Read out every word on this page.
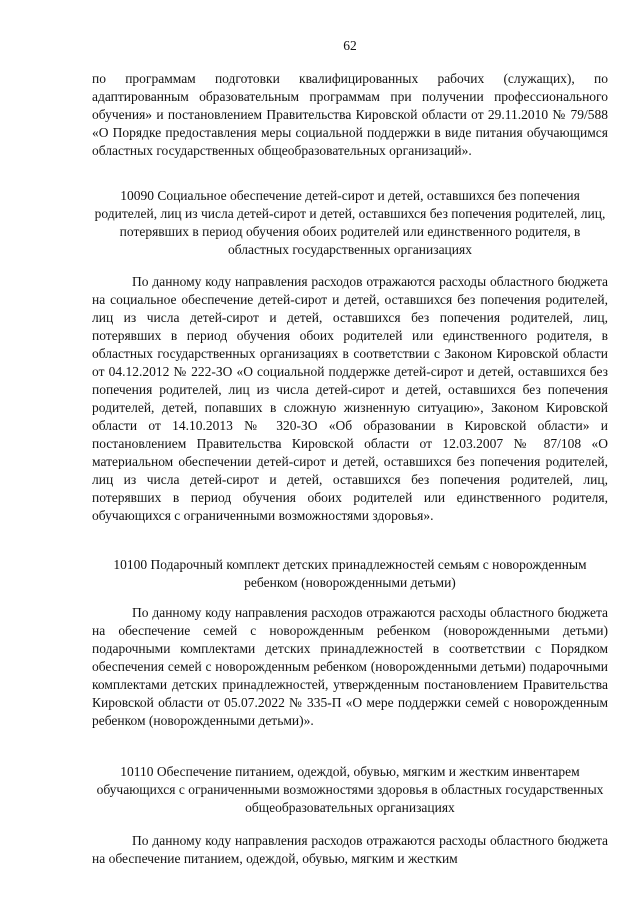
62

по программам подготовки квалифицированных рабочих (служащих), по адаптированным образовательным программам при получении профессионального обучения» и постановлением Правительства Кировской области от 29.11.2010 № 79/588 «О Порядке предоставления меры социальной поддержки в виде питания обучающимся областных государственных общеобразовательных организаций».

10090 Социальное обеспечение детей-сирот и детей, оставшихся без попечения родителей, лиц из числа детей-сирот и детей, оставшихся без попечения родителей, лиц, потерявших в период обучения обоих родителей или единственного родителя, в областных государственных организациях

По данному коду направления расходов отражаются расходы областного бюджета на социальное обеспечение детей-сирот и детей, оставшихся без попечения родителей, лиц из числа детей-сирот и детей, оставшихся без попечения родителей, лиц, потерявших в период обучения обоих родителей или единственного родителя, в областных государственных организациях в соответствии с Законом Кировской области от 04.12.2012 № 222-ЗО «О социальной поддержке детей-сирот и детей, оставшихся без попечения родителей, лиц из числа детей-сирот и детей, оставшихся без попечения родителей, детей, попавших в сложную жизненную ситуацию», Законом Кировской области от 14.10.2013 № 320-ЗО «Об образовании в Кировской области» и постановлением Правительства Кировской области от 12.03.2007 № 87/108 «О материальном обеспечении детей-сирот и детей, оставшихся без попечения родителей, лиц из числа детей-сирот и детей, оставшихся без попечения родителей, лиц, потерявших в период обучения обоих родителей или единственного родителя, обучающихся с ограниченными возможностями здоровья».

10100 Подарочный комплект детских принадлежностей семьям с новорожденным ребенком (новорожденными детьми)

По данному коду направления расходов отражаются расходы областного бюджета на обеспечение семей с новорожденным ребенком (новорожденными детьми) подарочными комплектами детских принадлежностей в соответствии с Порядком обеспечения семей с новорожденным ребенком (новорожденными детьми) подарочными комплектами детских принадлежностей, утвержденным постановлением Правительства Кировской области от 05.07.2022 № 335-П «О мере поддержки семей с новорожденным ребенком (новорожденными детьми)».

10110 Обеспечение питанием, одеждой, обувью, мягким и жестким инвентарем обучающихся с ограниченными возможностями здоровья в областных государственных общеобразовательных организациях

По данному коду направления расходов отражаются расходы областного бюджета на обеспечение питанием, одеждой, обувью, мягким и жестким
